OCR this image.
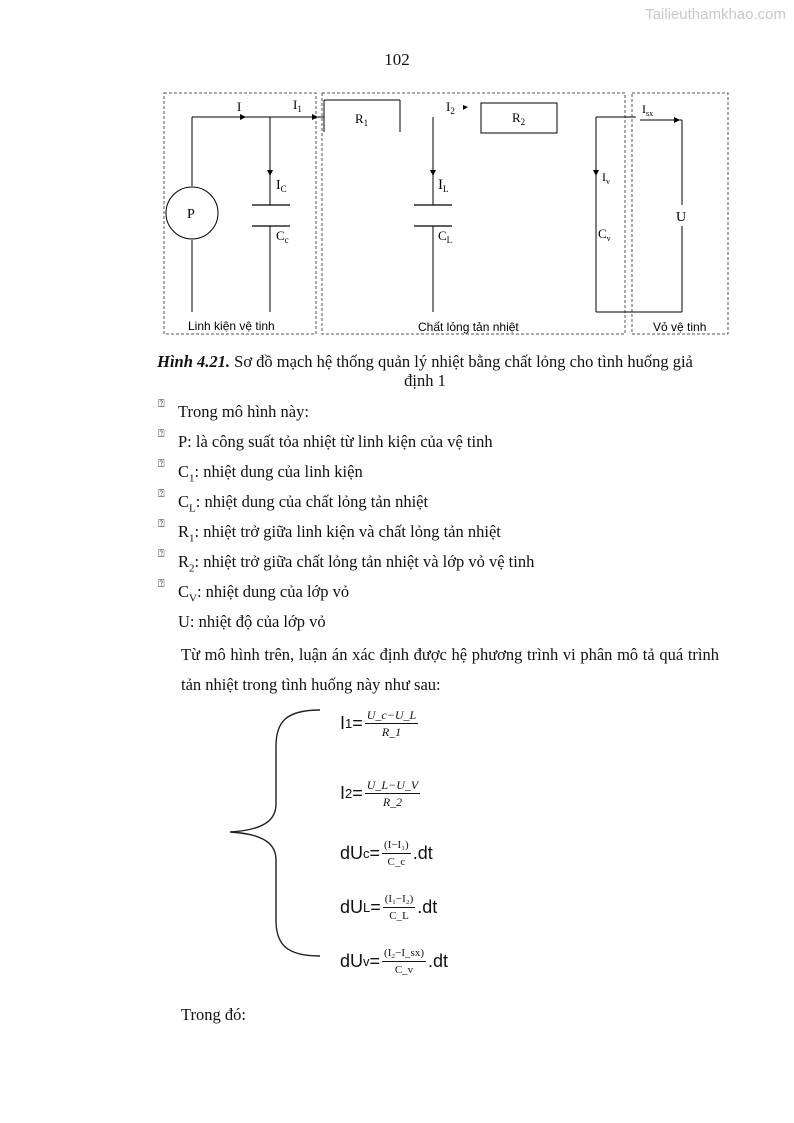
Tailieuthamkhao.com
102
I	$I_1$
$R_1$
$I_2$	$R_2$
$I_{sx}$
$I_C$
$C_c$
P
$I_L$
$C_L$
$I_v$
$C_v$
U
Linh kiện vệ tinh	Chất lỏng tản nhiệt	Vỏ vệ tinh
Hình 4.21. Sơ đồ mạch hệ thống quản lý nhiệt bằng chất lỏng cho tình huống giả
định 1
⍰ Trong mô hình này:
⍰ P: là công suất tỏa nhiệt từ linh kiện của vệ tinh
⍰ $C_1$: nhiệt dung của linh kiện
⍰ $C_L$: nhiệt dung của chất lỏng tản nhiệt
⍰ $R_1$: nhiệt trở giữa linh kiện và chất lỏng tản nhiệt
⍰ $R_2$: nhiệt trở giữa chất lỏng tản nhiệt và lớp vỏ vệ tinh
⍰ $C_V$: nhiệt dung của lớp vỏ
U: nhiệt độ của lớp vỏ
Từ mô hình trên, luận án xác định được hệ phương trình vi phân mô tả quá trình tản nhiệt trong tình huống này như sau:
I $1 = \frac{U\_c-U\_L}{R\_1}$
I $2 = \frac{U\_L-U\_V}{R\_2}$
dU $c = \frac{\text{(I−I₁)}}{C\_c} .dt$
dU $L = \frac{\text{(I₁−I₂)}}{C\_L} .dt$
dU $v = \frac{\text{(I₂−I\_sx)}}{C\_v} .dt$
Trong đó:
